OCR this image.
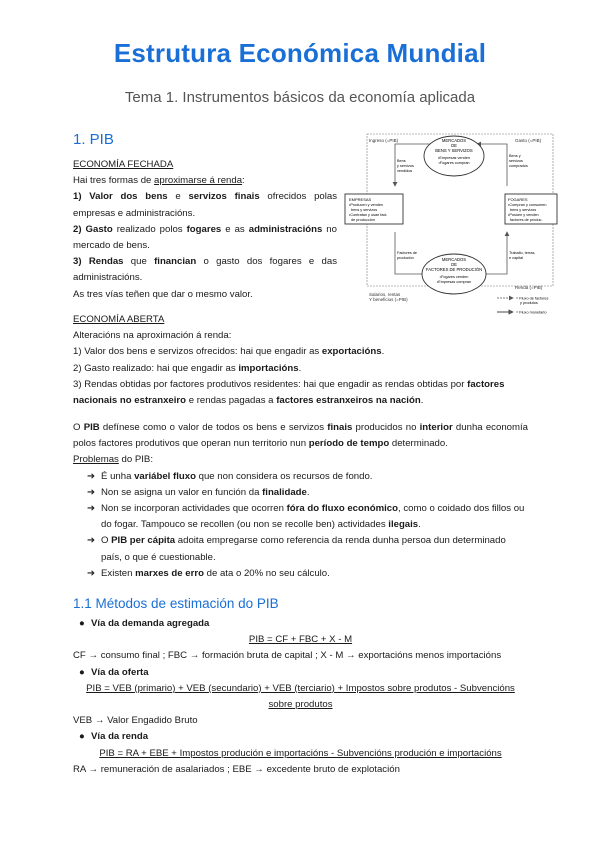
Estrutura Económica Mundial
Tema 1. Instrumentos básicos da economía aplicada
1. PIB

ECONOMÍA FECHADA

Hai tres formas de aproximarse á renda:

1) Valor dos bens e servizos finais ofrecidos polas empresas e administracións.

2) Gasto realizado polos fogares e as administracións no mercado de bens.

3) Rendas que financian o gasto dos fogares e das administracións.

As tres vías teñen que dar o mesmo valor.

MERCADOS
DE
BENS Y SERVIZOS
•Empresas venden
•Fogares compran
MERCADOS
DE
FACTORES DE PRODUCIÓN
•Fogares venden
•Empresas compran
EMPRESAS
•Producen y venden
bens y servizos
•Contratan y usan fact.
de producción
FOGARES
•Compran y consumen
bens y servizos
•Posúen y venden
factores de produc.
Ingreso (=PIB)	Gasto (=PIB)
Bens
y servizos
vendidos
Bens y
servizos
comprados
Factores de
produción
Traballo, terras,
e capital
Salarios, rentas
Y beneficios (=PIB)
Renda (=PIB)
= Fluxo de factores
y produtos
= Fluxo monetario

ECONOMÍA ABERTA

Alteracións na aproximación á renda:

1) Valor dos bens e servizos ofrecidos: hai que engadir as exportacións.

2) Gasto realizado: hai que engadir as importacións.

3) Rendas obtidas por factores produtivos residentes: hai que engadir as rendas obtidas por factores nacionais no estranxeiro e rendas pagadas a factores estranxeiros na nación.

O PIB defínese como o valor de todos os bens e servizos finais producidos no interior dunha economía polos factores produtivos que operan nun territorio nun período de tempo determinado.

Problemas do PIB:

➔ É unha variábel fluxo que non considera os recursos de fondo.
➔ Non se asigna un valor en función da finalidade.
➔ Non se incorporan actividades que ocorren fóra do fluxo económico, como o coidado dos fillos ou do fogar. Tampouco se recollen (ou non se recolle ben) actividades ilegais.
➔ O PIB per cápita adoita empregarse como referencia da renda dunha persoa dun determinado país, o que é cuestionable.
➔ Existen marxes de erro de ata o 20% no seu cálculo.
1.1 Métodos de estimación do PIB

● Vía da demanda agregada

PIB = CF + FBC + X - M

CF → consumo final ; FBC → formación bruta de capital ; X - M → exportacións menos importacións

● Vía da oferta

PIB = VEB (primario) + VEB (secundario) + VEB (terciario) + Impostos sobre produtos - Subvencións sobre produtos

VEB → Valor Engadido Bruto

● Vía da renda

PIB = RA + EBE + Impostos produción e importacións - Subvencións produción e importacións

RA → remuneración de asalariados ; EBE → excedente bruto de explotación
